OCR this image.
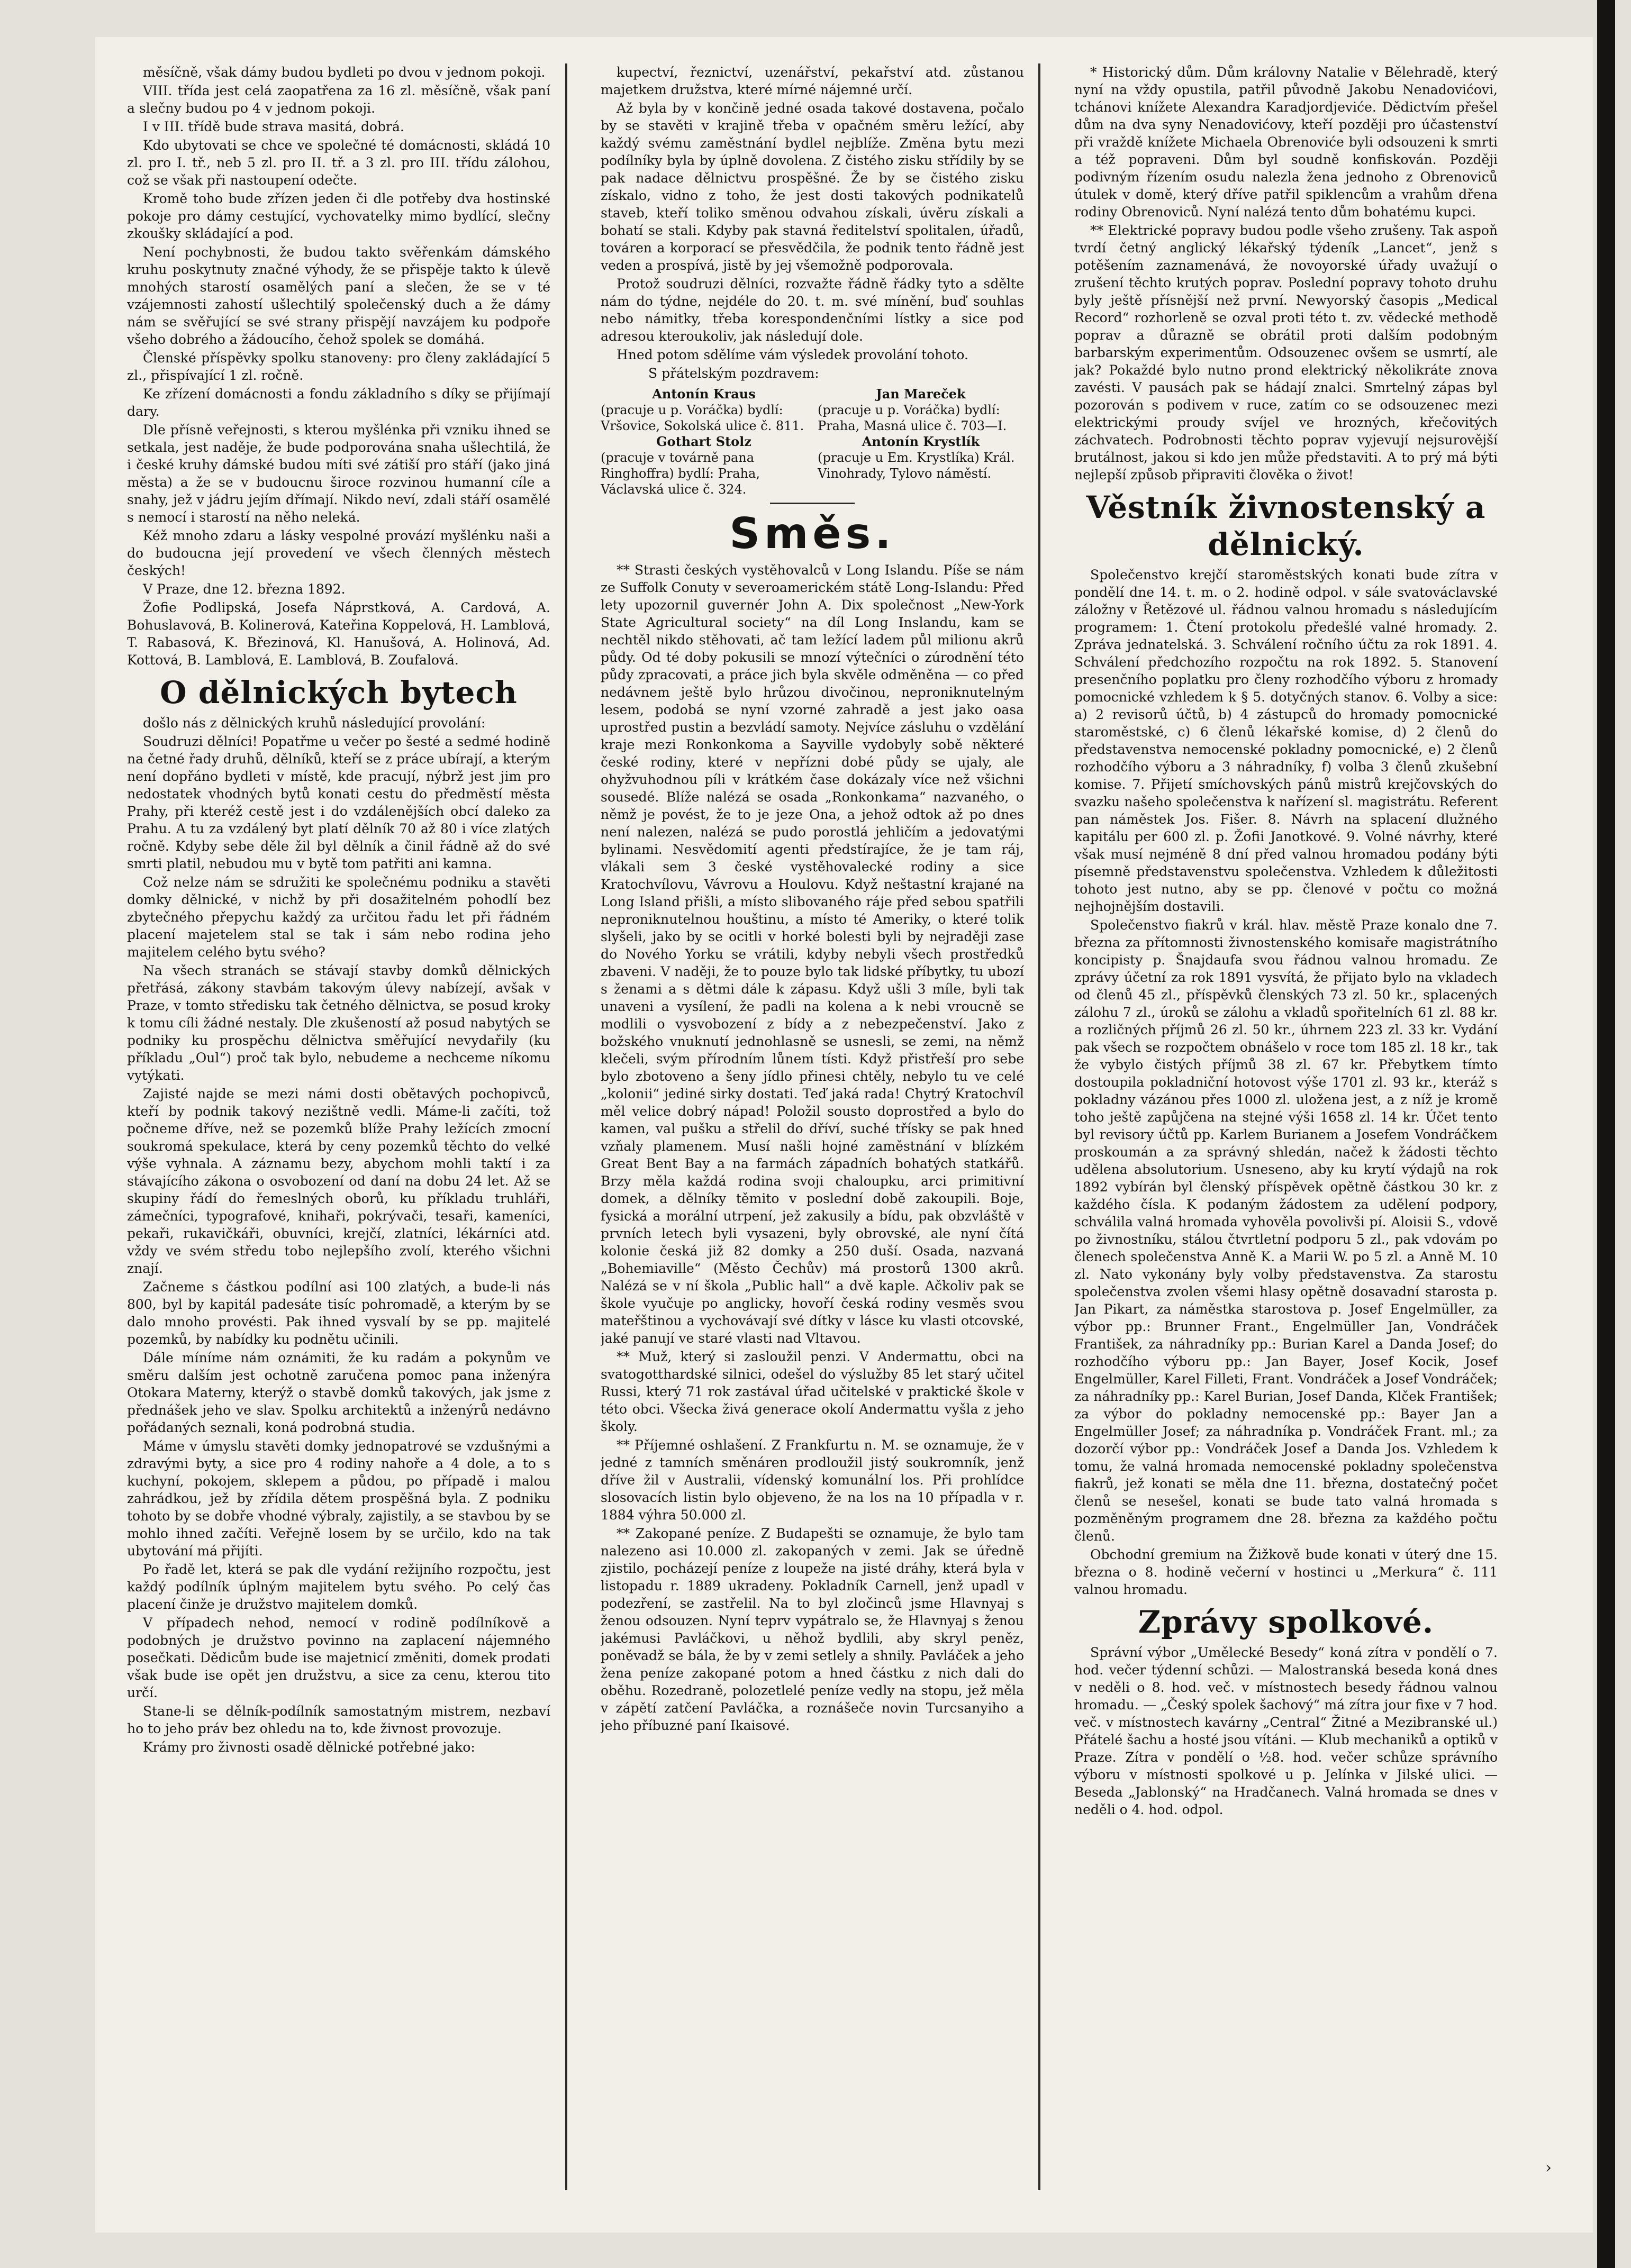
měsíčně, však dámy budou bydleti po dvou v jednom pokoji.

VIII. třída jest celá zaopatřena za 16 zl. měsíčně, však paní a slečny budou po 4 v jednom pokoji.

I v III. třídě bude strava masitá, dobrá.

Kdo ubytovati se chce ve společné té domácnosti, skládá 10 zl. pro I. tř., neb 5 zl. pro II. tř. a 3 zl. pro III. třídu zálohou, což se však při nastoupení odečte.

Kromě toho bude zřízen jeden či dle potřeby dva hostinské pokoje pro dámy cestující, vychovatelky mimo bydlící, slečny zkoušky skládající a pod.

Není pochybnosti, že budou takto svěřenkám dámského kruhu poskytnuty značné výhody, že se přispěje takto k úlevě mnohých starostí osamělých paní a slečen, že se v té vzájemnosti zahostí ušlechtilý společenský duch a že dámy nám se svěřující se své strany přispějí navzájem ku podpoře všeho dobrého a žádoucího, čehož spolek se domáhá.

Členské příspěvky spolku stanoveny: pro členy zakládající 5 zl., přispívající 1 zl. ročně.

Ke zřízení domácnosti a fondu základního s díky se přijímají dary.

Dle přísně veřejnosti, s kterou myšlénka při vzniku ihned se setkala, jest naděje, že bude podporována snaha ušlechtilá, že i české kruhy dámské budou míti své zátiší pro stáří (jako jiná města) a že se v budoucnu široce rozvinou humanní cíle a snahy, jež v jádru jejím dřímají. Nikdo neví, zdali stáří osamělé s nemocí i starostí na něho neleká.

Kéž mnoho zdaru a lásky vespolné provází myšlénku naši a do budoucna její provedení ve všech členných městech českých!

V Praze, dne 12. března 1892.

Žofie Podlipská, Josefa Náprstková, A. Cardová, A. Bohuslavová, B. Kolinerová, Kateřina Koppelová, H. Lamblová, T. Rabasová, K. Březinová, Kl. Hanušová, A. Holinová, Ad. Kottová, B. Lamblová, E. Lamblová, B. Zoufalová.

O dělnických bytech

došlo nás z dělnických kruhů následující provolání:

Soudruzi dělníci! Popatřme u večer po šesté a sedmé hodině na četné řady druhů, dělníků, kteří se z práce ubírají, a kterým není dopřáno bydleti v místě, kde pracují, nýbrž jest jim pro nedostatek vhodných bytů konati cestu do předměstí města Prahy, při kteréž cestě jest i do vzdálenějších obcí daleko za Prahu. A tu za vzdálený byt platí dělník 70 až 80 i více zlatých ročně. Kdyby sebe děle žil byl dělník a činil řádně až do své smrti platil, nebudou mu v bytě tom patřiti ani kamna.

Což nelze nám se sdružiti ke společnému podniku a stavěti domky dělnické, v nichž by při dosažitelném pohodlí bez zbytečného přepychu každý za určitou řadu let při řádném placení majetelem stal se tak i sám nebo rodina jeho majitelem celého bytu svého?

Na všech stranách se stávají stavby domků dělnických přetřásá, zákony stavbám takovým úlevy nabízejí, avšak v Praze, v tomto středisku tak četného dělnictva, se posud kroky k tomu cíli žádné nestaly. Dle zkušeností až posud nabytých se podniky ku prospěchu dělnictva směřující nevydařily (ku příkladu „Oul“) proč tak bylo, nebudeme a nechceme níkomu vytýkati.

Zajisté najde se mezi námi dosti obětavých pochopivců, kteří by podnik takový nezištně vedli. Máme-li začíti, tož počneme dříve, než se pozemků blíže Prahy ležících zmocní soukromá spekulace, která by ceny pozemků těchto do velké výše vyhnala. A záznamu bezy, abychom mohli taktí i za stávajícího zákona o osvobození od daní na dobu 24 let. Až se skupiny řádí do řemeslných oborů, ku příkladu truhláři, zámečníci, typografové, knihaři, pokrývači, tesaři, kameníci, pekaři, rukavičkáři, obuvníci, krejčí, zlatníci, lékárníci atd. vždy ve svém středu tobo nejlepšího zvolí, kterého všichni znají.

Začneme s částkou podílní asi 100 zlatých, a bude-li nás 800, byl by kapitál padesáte tisíc pohromadě, a kterým by se dalo mnoho provésti. Pak ihned vysvalí by se pp. majitelé pozemků, by nabídky ku podnětu učinili.

Dále míníme nám oznámiti, že ku radám a pokynům ve směru dalším jest ochotně zaručena pomoc pana inženýra Otokara Materny, kterýž o stavbě domků takových, jak jsme z přednášek jeho ve slav. Spolku architektů a inženýrů nedávno pořádaných seznali, koná podrobná studia.

Máme v úmyslu stavěti domky jednopatrové se vzdušnými a zdravými byty, a sice pro 4 rodiny nahoře a 4 dole, a to s kuchyní, pokojem, sklepem a půdou, po případě i malou zahrádkou, jež by zřídila dětem prospěšná byla. Z podniku tohoto by se dobře vhodné výbraly, zajistily, a se stavbou by se mohlo ihned začíti. Veřejně losem by se určilo, kdo na tak ubytování má přijíti.

Po řadě let, která se pak dle vydání režijního rozpočtu, jest každý podílník úplným majitelem bytu svého. Po celý čas placení činže je družstvo majitelem domků.

V případech nehod, nemocí v rodině podílníkově a podobných je družstvo povinno na zaplacení nájemného posečkati. Dědicům bude ise majetnicí změniti, domek prodati však bude ise opět jen družstvu, a sice za cenu, kterou tito určí.

Stane-li se dělník-podílník samostatným mistrem, nezbaví ho to jeho práv bez ohledu na to, kde živnost provozuje.

Krámy pro živnosti osadě dělnické potřebné jako:

kupectví, řeznictví, uzenářství, pekařství atd. zůstanou majetkem družstva, které mírné nájemné určí.

Až byla by v končině jedné osada takové dostavena, počalo by se stavěti v krajině třeba v opačném směru ležící, aby každý svému zaměstnání bydlel nejblíže. Změna bytu mezi podílníky byla by úplně dovolena. Z čistého zisku střídily by se pak nadace dělnictvu prospěšné. Že by se čistého zisku získalo, vidno z toho, že jest dosti takových podnikatelů staveb, kteří toliko směnou odvahou získali, úvěru získali a bohatí se stali. Kdyby pak stavná ředitelství spolitalen, úřadů, továren a korporací se přesvědčila, že podnik tento řádně jest veden a prospívá, jistě by jej všemožně podporovala.

Protož soudruzi dělníci, rozvažte řádně řádky tyto a sdělte nám do týdne, nejdéle do 20. t. m. své mínění, buď souhlas nebo námitky, třeba korespondenčními lístky a sice pod adresou kteroukoliv, jak následují dole.

Hned potom sdělíme vám výsledek provolání tohoto.

S přátelským pozdravem:

Antonín Kraus
(pracuje u p. Voráčka) bydlí: Vršovice, Sokolská ulice č. 811.
Jan Mareček
(pracuje u p. Voráčka) bydlí: Praha, Masná ulice č. 703—I.
Gothart Stolz
(pracuje v továrně pana Ringhoffra) bydlí: Praha, Václavská ulice č. 324.
Antonín Krystlík
(pracuje u Em. Krystlíka) Král. Vinohrady, Tylovo náměstí.
Směs.

** Strasti českých vystěhovalců v Long Islandu. Píše se nám ze Suffolk Conuty v severoamerickém státě Long-Islandu: Před lety upozornil guvernér John A. Dix společnost „New-York State Agricultural society“ na díl Long Inslandu, kam se nechtěl nikdo stěhovati, ač tam ležící ladem půl milionu akrů půdy. Od té doby pokusili se mnozí výtečníci o zúrodnění této půdy zpracovati, a práce jich byla skvěle odměněna — co před nedávnem ještě bylo hrůzou divočinou, neproniknutelným lesem, podobá se nyní vzorné zahradě a jest jako oasa uprostřed pustin a bezvládí samoty. Nejvíce zásluhu o vzdělání kraje mezi Ronkonkoma a Sayville vydobyly sobě některé české rodiny, které v nepřízni dobé půdy se ujaly, ale ohyžvuhodnou píli v krátkém čase dokázaly více než všichni sousedé. Blíže nalézá se osada „Ronkonkama“ nazvaného, o němž je povést, že to je jeze Ona, a jehož odtok až po dnes není nalezen, nalézá se pudo porostlá jehličím a jedovatými bylinami. Nesvědomití agenti předstírajíce, že je tam ráj, vlákali sem 3 české vystěhovalecké rodiny a sice Kratochvílovu, Vávrovu a Houlovu. Když neštastní krajané na Long Island přišli, a místo slibovaného ráje před sebou spatřili neproniknutelnou houštinu, a místo té Ameriky, o které tolik slyšeli, jako by se ocitli v horké bolesti byli by nejraději zase do Nového Yorku se vrátili, kdyby nebyli všech prostředků zbaveni. V naději, že to pouze bylo tak lidské příbytky, tu ubozí s ženami a s dětmi dále k zápasu. Když ušli 3 míle, byli tak unaveni a vysílení, že padli na kolena a k nebi vroucně se modlili o vysvobození z bídy a z nebezpečenství. Jako z božského vnuknutí jednohlasně se usnesli, se zemi, na němž klečeli, svým přírodním lůnem tísti. Když přistřeší pro sebe bylo zbotoveno a šeny jídlo přinesi chtěly, nebylo tu ve celé „kolonii“ jediné sirky dostati. Teď jaká rada! Chytrý Kratochvíl měl velice dobrý nápad! Položil sousto doprostřed a bylo do kamen, val pušku a střelil do dříví, suché třísky se pak hned vzňaly plamenem. Musí našli hojné zaměstnání v blízkém Great Bent Bay a na farmách západních bohatých statkářů. Brzy měla každá rodina svoji chaloupku, arci primitivní domek, a dělníky těmito v poslední době zakoupili. Boje, fysická a morální utrpení, jež zakusily a bídu, pak obzvláště v prvních letech byli vysazeni, byly obrovské, ale nyní čítá kolonie česká již 82 domky a 250 duší. Osada, nazvaná „Bohemiaville“ (Město Čechův) má prostorů 1300 akrů. Nalézá se v ní škola „Public hall“ a dvě kaple. Ačkoliv pak se škole vyučuje po anglicky, hovoří česká rodiny vesměs svou mateřštinou a vychovávají své dítky v lásce ku vlasti otcovské, jaké panují ve staré vlasti nad Vltavou.

** Muž, který si zasloužil penzi. V Andermattu, obci na svatogotthardské silnici, odešel do výslužby 85 let starý učitel Russi, který 71 rok zastával úřad učitelské v praktické škole v této obci. Všecka živá generace okolí Andermattu vyšla z jeho školy.

** Příjemné oshlašení. Z Frankfurtu n. M. se oznamuje, že v jedné z tamních směnáren prodloužil jistý soukromník, jenž dříve žil v Australii, vídenský komunální los. Při prohlídce slosovacích listin bylo objeveno, že na los na 10 případla v r. 1884 výhra 50.000 zl.

** Zakopané peníze. Z Budapešti se oznamuje, že bylo tam nalezeno asi 10.000 zl. zakopaných v zemi. Jak se úředně zjistilo, pocházejí peníze z loupeže na jisté dráhy, která byla v listopadu r. 1889 ukradeny. Pokladník Carnell, jenž upadl v podezření, se zastřelil. Na to byl zločinců jsme Hlavnyaj s ženou odsouzen. Nyní teprv vypátralo se, že Hlavnyaj s ženou jakémusi Pavláčkovi, u něhož bydlili, aby skryl peněz, poněvadž se bála, že by v zemi setlely a shnily. Pavláček a jeho žena peníze zakopané potom a hned částku z nich dali do oběhu. Rozedraně, polozetlelé peníze vedly na stopu, jež měla v zápětí zatčení Pavláčka, a roznášeče novin Turcsanyiho a jeho příbuzné paní Ikaisové.

* Historický dům. Dům královny Natalie v Bělehradě, který nyní na vždy opustila, patřil původně Jakobu Nenadovićovi, tchánovi knížete Alexandra Karadjordjeviće. Dědictvím přešel dům na dva syny Nenadovićovy, kteří později pro účastenství při vraždě knížete Michaela Obrenoviće byli odsouzeni k smrti a též popraveni. Dům byl soudně konfiskován. Později podivným řízením osudu nalezla žena jednoho z Obrenoviců útulek v domě, který dříve patřil spiklencům a vrahům dřena rodiny Obrenoviců. Nyní nalézá tento dům bohatému kupci.

** Elektrické popravy budou podle všeho zrušeny. Tak aspoň tvrdí četný anglický lékařský týdeník „Lancet“, jenž s potěšením zaznamenává, že novoyorské úřady uvažují o zrušení těchto krutých poprav. Poslední popravy tohoto druhu byly ještě přísnější než první. Newyorský časopis „Medical Record“ rozhorleně se ozval proti této t. zv. vědecké methodě poprav a důrazně se obrátil proti dalším podobným barbarským experimentům. Odsouzenec ovšem se usmrtí, ale jak? Pokaždé bylo nutno prond elektrický několikráte znova zavésti. V pausách pak se hádají znalci. Smrtelný zápas byl pozorován s podivem v ruce, zatím co se odsouzenec mezi elektrickými proudy svíjel ve hrozných, křečovitých záchvatech. Podrobnosti těchto poprav vyjevují nejsurovější brutálnost, jakou si kdo jen může představiti. A to prý má býti nejlepší způsob připraviti člověka o život!

Věstník živnostenský a dělnický.

Společenstvo krejčí staroměstských konati bude zítra v pondělí dne 14. t. m. o 2. hodině odpol. v sále svatováclavské záložny v Řetězové ul. řádnou valnou hromadu s následujícím programem: 1. Čtení protokolu předešlé valné hromady. 2. Zpráva jednatelská. 3. Schválení ročního účtu za rok 1891. 4. Schválení předchozího rozpočtu na rok 1892. 5. Stanovení presenčního poplatku pro členy rozhodčího výboru z hromady pomocnické vzhledem k § 5. dotyčných stanov. 6. Volby a sice: a) 2 revisorů účtů, b) 4 zástupců do hromady pomocnické staroměstské, c) 6 členů lékařské komise, d) 2 členů do představenstva nemocenské pokladny pomocnické, e) 2 členů rozhodčího výboru a 3 náhradníky, f) volba 3 členů zkušební komise. 7. Přijetí smíchovských pánů mistrů krejčovských do svazku našeho společenstva k nařízení sl. magistrátu. Referent pan náměstek Jos. Fišer. 8. Návrh na splacení dlužného kapitálu per 600 zl. p. Žofii Janotkové. 9. Volné návrhy, které však musí nejméně 8 dní před valnou hromadou podány býti písemně představenstvu společenstva. Vzhledem k důležitosti tohoto jest nutno, aby se pp. členové v počtu co možná nejhojnějším dostavili.

Společenstvo fiakrů v král. hlav. městě Praze konalo dne 7. března za přítomnosti živnostenského komisaře magistrátního koncipisty p. Šnajdaufa svou řádnou valnou hromadu. Ze zprávy účetní za rok 1891 vysvítá, že přijato bylo na vkladech od členů 45 zl., příspěvků členských 73 zl. 50 kr., splacených zálohu 7 zl., úroků se zálohu a vkladů spořitelních 61 zl. 88 kr. a rozličných příjmů 26 zl. 50 kr., úhrnem 223 zl. 33 kr. Vydání pak všech se rozpočtem obnášelo v roce tom 185 zl. 18 kr., tak že vybylo čistých příjmů 38 zl. 67 kr. Přebytkem tímto dostoupila pokladniční hotovost výše 1701 zl. 93 kr., kteráž s pokladny vázánou přes 1000 zl. uložena jest, a z níž je kromě toho ještě zapůjčena na stejné výši 1658 zl. 14 kr. Účet tento byl revisory účtů pp. Karlem Burianem a Josefem Vondráčkem proskoumán a za správný shledán, načež k žádosti těchto udělena absolutorium. Usneseno, aby ku krytí výdajů na rok 1892 vybírán byl členský příspěvek opětně částkou 30 kr. z každého čísla. K podaným žádostem za udělení podpory, schválila valná hromada vyhověla povolivši pí. Aloisii S., vdově po živnostníku, stálou čtvrtletní podporu 5 zl., pak vdovám po členech společenstva Anně K. a Marii W. po 5 zl. a Anně M. 10 zl. Nato vykonány byly volby představenstva. Za starostu společenstva zvolen všemi hlasy opětně dosavadní starosta p. Jan Pikart, za náměstka starostova p. Josef Engelmüller, za výbor pp.: Brunner Frant., Engelmüller Jan, Vondráček František, za náhradníky pp.: Burian Karel a Danda Josef; do rozhodčího výboru pp.: Jan Bayer, Josef Kocik, Josef Engelmüller, Karel Filleti, Frant. Vondráček a Josef Vondráček; za náhradníky pp.: Karel Burian, Josef Danda, Klček František; za výbor do pokladny nemocenské pp.: Bayer Jan a Engelmüller Josef; za náhradníka p. Vondráček Frant. ml.; za dozorčí výbor pp.: Vondráček Josef a Danda Jos. Vzhledem k tomu, že valná hromada nemocenské pokladny společenstva fiakrů, jež konati se měla dne 11. března, dostatečný počet členů se nesešel, konati se bude tato valná hromada s pozměněným programem dne 28. března za každého počtu členů.

Obchodní gremium na Žižkově bude konati v úterý dne 15. března o 8. hodině večerní v hostinci u „Merkura“ č. 111 valnou hromadu.

Zprávy spolkové.

Správní výbor „Umělecké Besedy“ koná zítra v pondělí o 7. hod. večer týdenní schůzi. — Malostranská beseda koná dnes v neděli o 8. hod. več. v místnostech besedy řádnou valnou hromadu. — „Český spolek šachový“ má zítra jour fixe v 7 hod. več. v místnostech kavárny „Central“ Žitné a Mezibranské ul.) Přátelé šachu a hosté jsou vítáni. — Klub mechaniků a optiků v Praze. Zítra v pondělí o ½8. hod. večer schůze správního výboru v místnosti spolkové u p. Jelínka v Jilské ulici. — Beseda „Jablonský“ na Hradčanech. Valná hromada se dnes v neděli o 4. hod. odpol.

›
